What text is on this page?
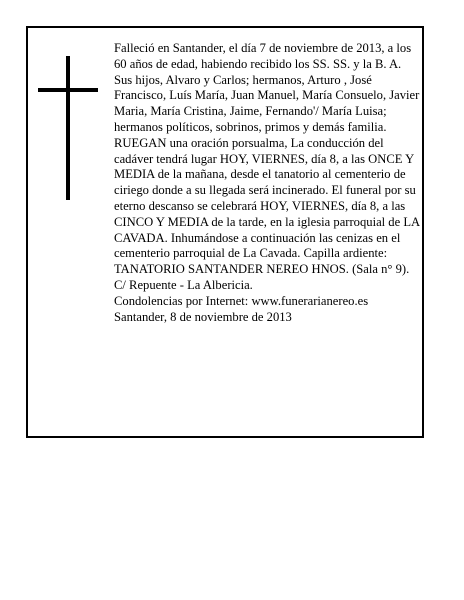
Falleció en Santander, el día 7 de noviembre de 2013, a los 60 años de edad, habiendo recibido los SS. SS. y la B. A.

Sus hijos, Alvaro y Carlos; hermanos, Arturo , José Francisco, Luís María, Juan Manuel, María Consuelo, Javier Maria, María Cristina, Jaime, Fernando'/ María Luisa; hermanos políticos, sobrinos, primos y demás familia.

RUEGAN una oración porsualma, La conducción del cadáver tendrá lugar HOY, VIERNES, día 8, a las ONCE Y MEDIA de la mañana, desde el tanatorio al cementerio de ciriego donde a su llegada será incinerado. El funeral por su eterno descanso se celebrará HOY, VIERNES, día 8, a las CINCO Y MEDIA de la tarde, en la iglesia parroquial de LA CAVADA. Inhumándose a continuación las cenizas en el cementerio parroquial de La Cavada. Capilla ardiente: TANATORIO SANTANDER NEREO HNOS. (Sala n° 9). C/ Repuente - La Albericia.

Condolencias por Internet: www.funerarianereo.es

Santander, 8 de noviembre de 2013
